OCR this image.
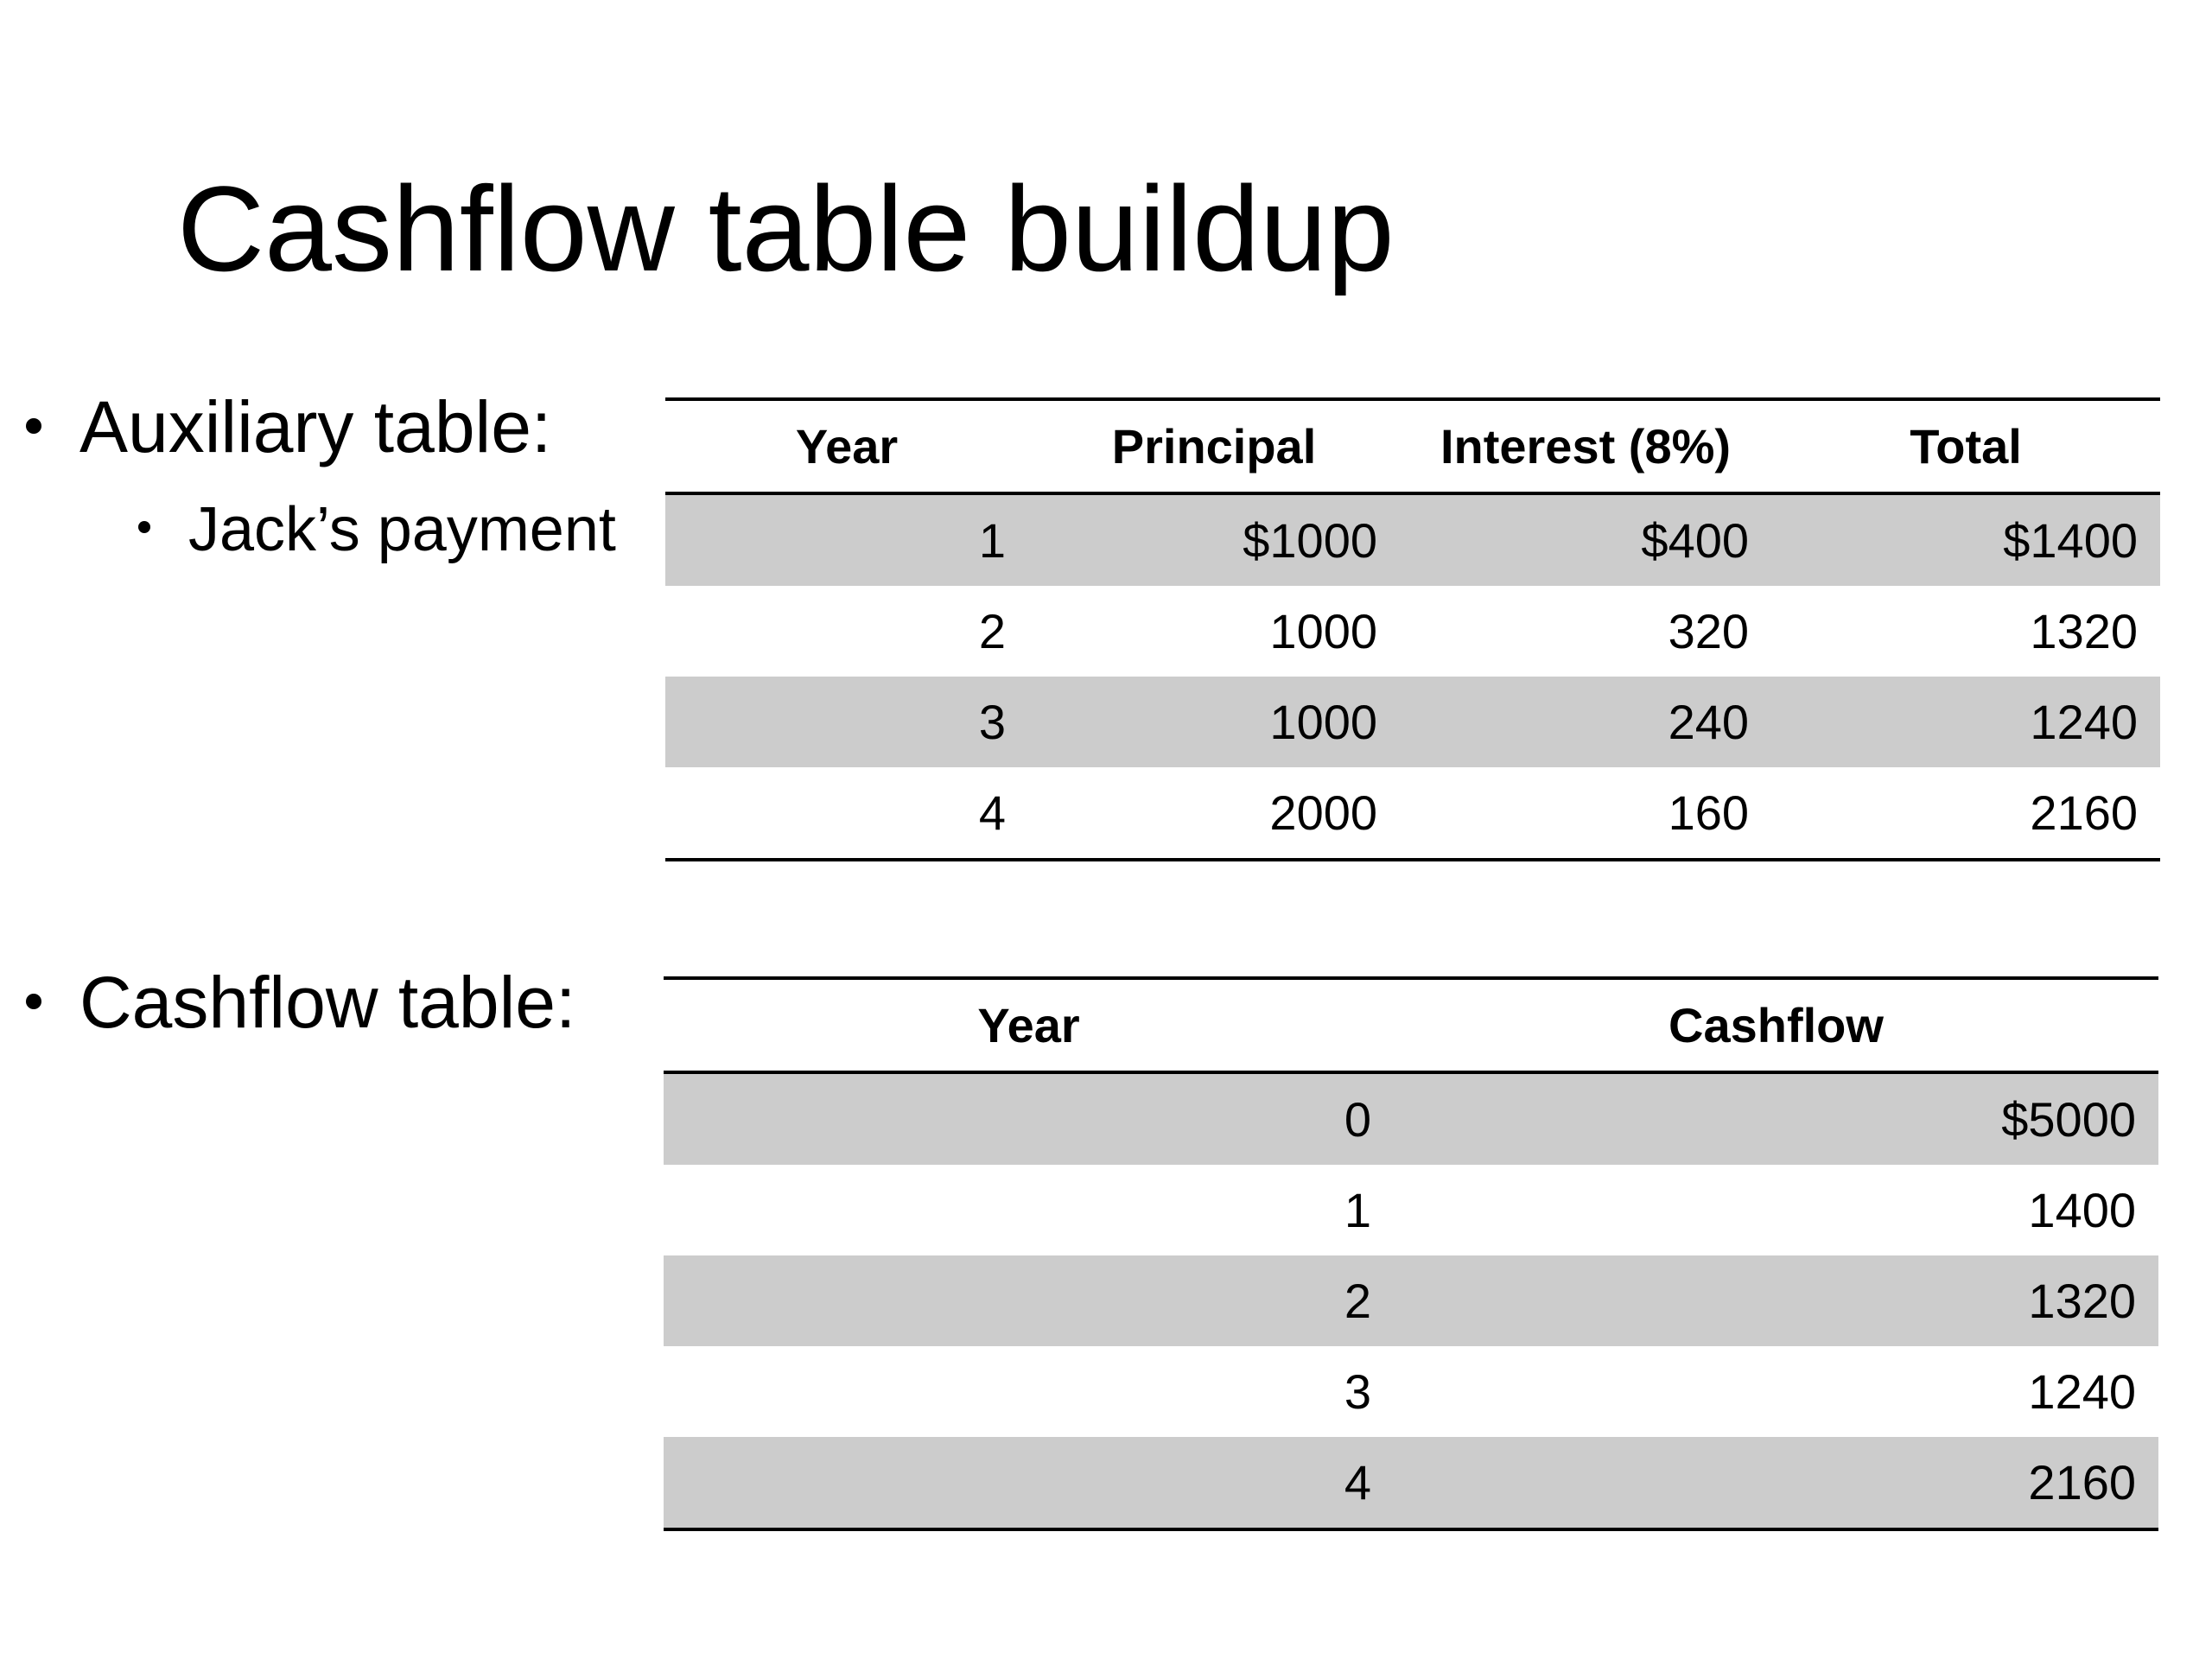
Cashflow table buildup
Auxiliary table:
Jack’s payment
Cashflow table:
Year	Principal	Interest (8%)	Total
1	$1000	$400	$1400
2	1000	320	1320
3	1000	240	1240
4	2000	160	2160
Year	Cashflow
0	$5000
1	1400
2	1320
3	1240
4	2160
